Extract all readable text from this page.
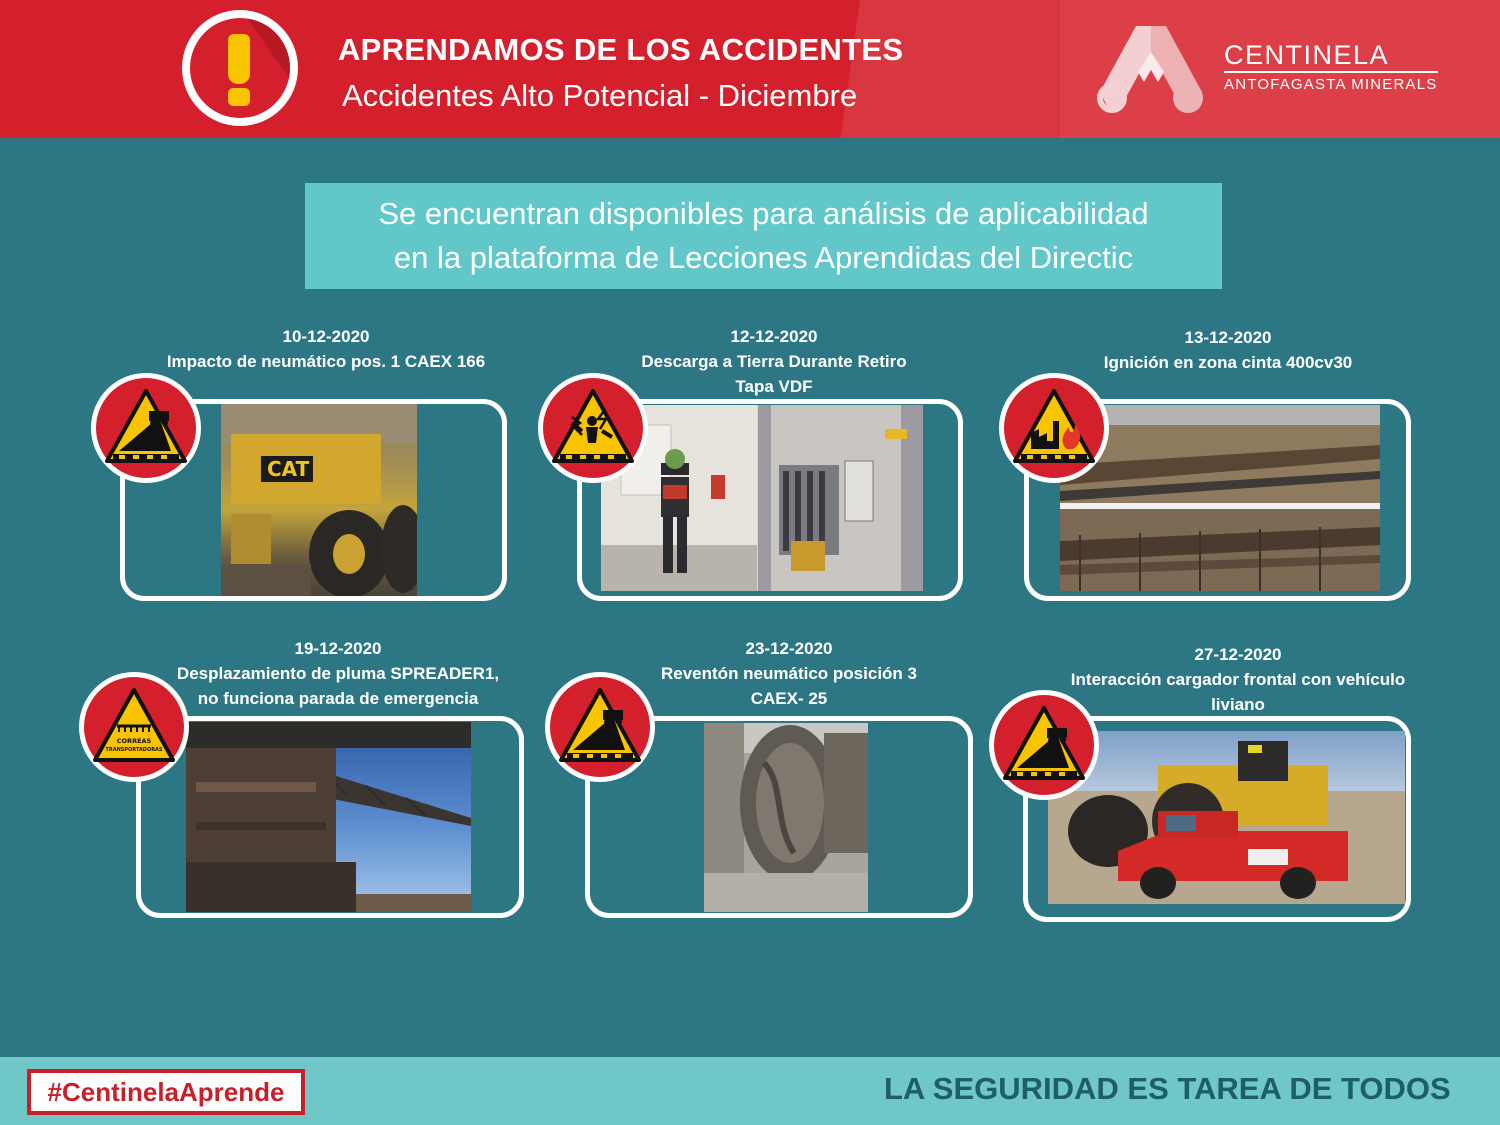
APRENDAMOS DE LOS ACCIDENTES
Accidentes Alto Potencial - Diciembre
CENTINELA
ANTOFAGASTA MINERALS
Se encuentran disponibles para análisis de aplicabilidad
en la plataforma de Lecciones Aprendidas del Directic
10-12-2020
Impacto de neumático pos. 1 CAEX 166
CAT
12-12-2020
Descarga a Tierra Durante Retiro
Tapa VDF
13-12-2020
Ignición en zona cinta 400cv30
19-12-2020
Desplazamiento de pluma SPREADER1,
no funciona parada de emergencia
CORREAS
TRANSPORTADORAS
23-12-2020
Reventón neumático posición 3
CAEX- 25
27-12-2020
Interacción cargador frontal con vehículo
liviano
#CentinelaAprende	LA SEGURIDAD ES TAREA DE TODOS
